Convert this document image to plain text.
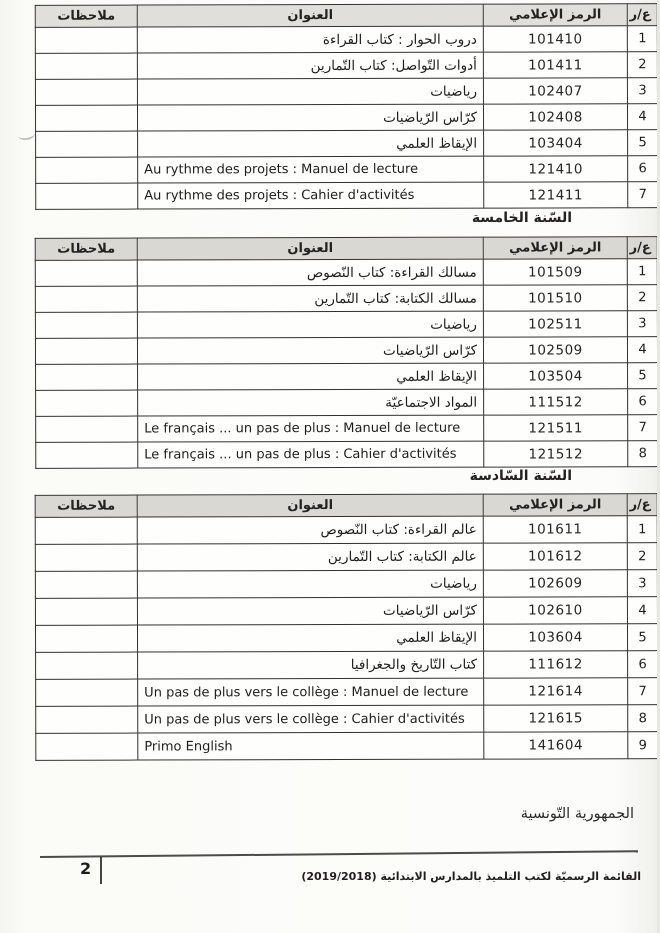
ع/ر	الرمز الإعلامي	العنوان	ملاحظات
1	101410	دروب الحوار : كتاب القراءة	
2	101411	أدوات التّواصل: كتاب التّمارين	
3	102407	رياضيات	
4	102408	كرّاس الرّياضيات	
5	103404	الإيقاظ العلمي	
6	121410	Au rythme des projets : Manuel de lecture	
7	121411	Au rythme des projets : Cahier d'activités	
السّنة الخامسة
ع/ر	الرمز الإعلامي	العنوان	ملاحظات
1	101509	مسالك القراءة: كتاب النّصوص	
2	101510	مسالك الكتابة: كتاب التّمارين	
3	102511	رياضيات	
4	102509	كرّاس الرّياضيات	
5	103504	الإيقاظ العلمي	
6	111512	المواد الاجتماعيّة	
7	121511	Le français ... un pas de plus : Manuel de lecture	
8	121512	Le français ... un pas de plus : Cahier d'activités	
السّنة السّادسة
ع/ر	الرمز الإعلامي	العنوان	ملاحظات
1	101611	عالم القراءة: كتاب النّصوص	
2	101612	عالم الكتابة: كتاب التّمارين	
3	102609	رياضيات	
4	102610	كرّاس الرّياضيات	
5	103604	الإيقاظ العلمي	
6	111612	كتاب التّاريخ والجغرافيا	
7	121614	Un pas de plus vers le collège : Manuel de lecture	
8	121615	Un pas de plus vers le collège : Cahier d'activités	
9	141604	Primo English	
الجمهورية التّونسية
2	القائمة الرسميّة لكتب التلميذ بالمدارس الابتدائية (2019/2018)
